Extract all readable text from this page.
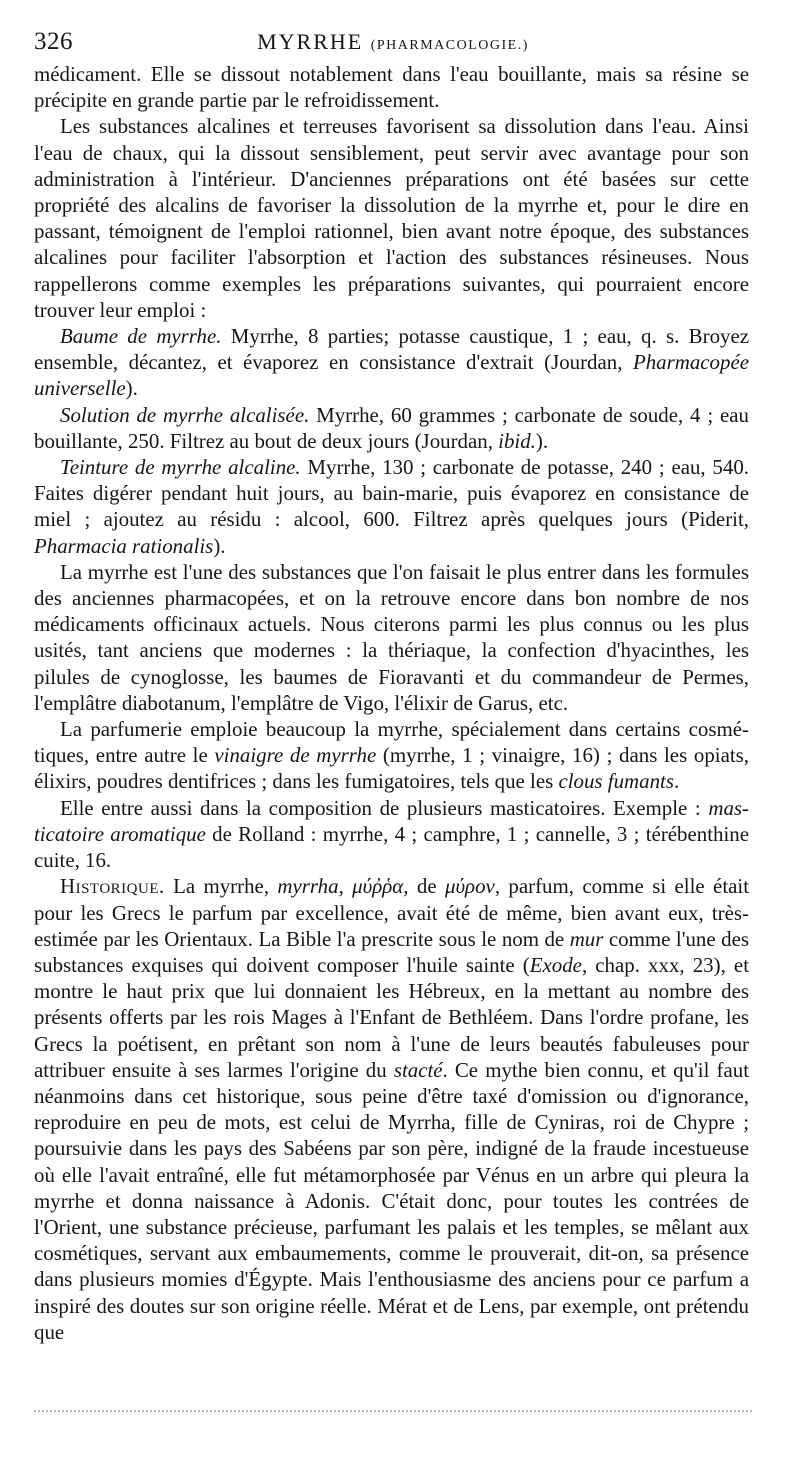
326	MYRRHE (PHARMACOLOGIE.)

médicament. Elle se dissout notablement dans l'eau bouillante, mais sa résine se précipite en grande partie par le refroidissement.

Les substances alcalines et terreuses favorisent sa dissolution dans l'eau. Ainsi l'eau de chaux, qui la dissout sensiblement, peut servir avec avantage pour son administration à l'intérieur. D'anciennes préparations ont été basées sur cette propriété des alcalins de favoriser la dissolution de la myrrhe et, pour le dire en passant, témoignent de l'emploi rationnel, bien avant notre époque, des substances alcalines pour faciliter l'absorption et l'action des substances résineuses. Nous rappellerons comme exemples les préparations suivantes, qui pourraient encore trouver leur emploi :

Baume de myrrhe. Myrrhe, 8 parties; potasse caustique, 1 ; eau, q. s. Broyez ensemble, décantez, et évaporez en consistance d'extrait (Jourdan, Pharmacopée universelle).

Solution de myrrhe alcalisée. Myrrhe, 60 grammes ; carbonate de soude, 4 ; eau bouillante, 250. Filtrez au bout de deux jours (Jourdan, ibid.).

Teinture de myrrhe alcaline. Myrrhe, 130 ; carbonate de potasse, 240 ; eau, 540. Faites digérer pendant huit jours, au bain-marie, puis évaporez en consistance de miel ; ajoutez au résidu : alcool, 600. Filtrez après quelques jours (Piderit, Pharmacia rationalis).

La myrrhe est l'une des substances que l'on faisait le plus entrer dans les formules des anciennes pharmacopées, et on la retrouve encore dans bon nombre de nos médicaments officinaux actuels. Nous citerons parmi les plus connus ou les plus usités, tant anciens que modernes : la thériaque, la confection d'hyacinthes, les pilules de cynoglosse, les baumes de Fioravanti et du commandeur de Permes, l'emplâtre diabotanum, l'emplâtre de Vigo, l'élixir de Garus, etc.

La parfumerie emploie beaucoup la myrrhe, spécialement dans certains cosmétiques, entre autre le vinaigre de myrrhe (myrrhe, 1 ; vinaigre, 16) ; dans les opiats, élixirs, poudres dentifrices ; dans les fumigatoires, tels que les clous fumants.

Elle entre aussi dans la composition de plusieurs masticatoires. Exemple : masticatoire aromatique de Rolland : myrrhe, 4 ; camphre, 1 ; cannelle, 3 ; térébenthine cuite, 16.

Historique. La myrrhe, myrrha, μύῤῥα, de μύρον, parfum, comme si elle était pour les Grecs le parfum par excellence, avait été de même, bien avant eux, très-estimée par les Orientaux. La Bible l'a prescrite sous le nom de mur comme l'une des substances exquises qui doivent composer l'huile sainte (Exode, chap. xxx, 23), et montre le haut prix que lui donnaient les Hébreux, en la mettant au nombre des présents offerts par les rois Mages à l'Enfant de Bethléem. Dans l'ordre profane, les Grecs la poétisent, en prêtant son nom à l'une de leurs beautés fabuleuses pour attribuer ensuite à ses larmes l'origine du stacté. Ce mythe bien connu, et qu'il faut néanmoins dans cet historique, sous peine d'être taxé d'omission ou d'ignorance, reproduire en peu de mots, est celui de Myrrha, fille de Cyniras, roi de Chypre ; poursuivie dans les pays des Sabéens par son père, indigné de la fraude incestueuse où elle l'avait entraîné, elle fut métamorphosée par Vénus en un arbre qui pleura la myrrhe et donna naissance à Adonis. C'était donc, pour toutes les contrées de l'Orient, une substance précieuse, parfumant les palais et les temples, se mêlant aux cosmétiques, servant aux embaumements, comme le prouverait, dit-on, sa présence dans plusieurs momies d'Égypte. Mais l'enthousiasme des anciens pour ce parfum a inspiré des doutes sur son origine réelle. Mérat et de Lens, par exemple, ont prétendu que
